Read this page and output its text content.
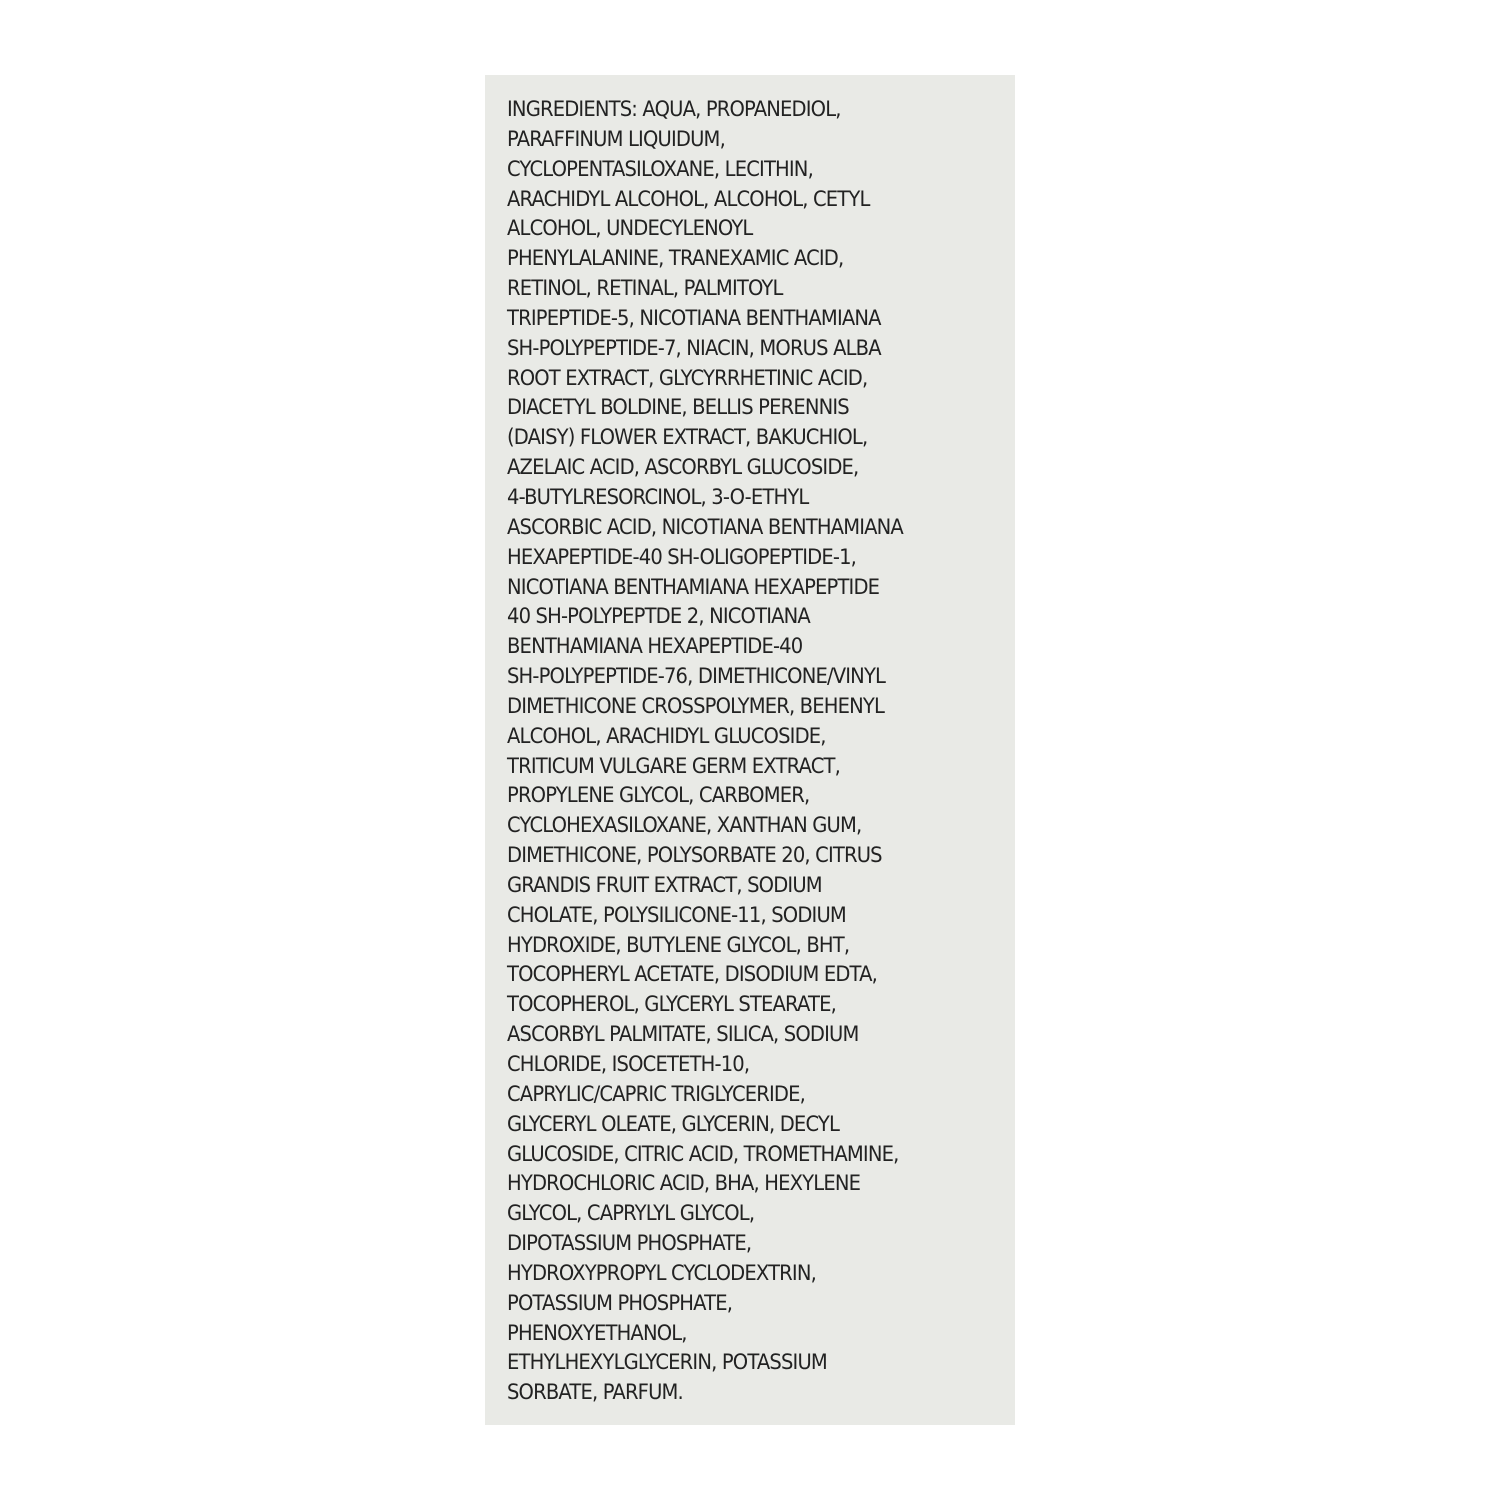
INGREDIENTS: AQUA, PROPANEDIOL,
PARAFFINUM LIQUIDUM,
CYCLOPENTASILOXANE, LECITHIN,
ARACHIDYL ALCOHOL, ALCOHOL, CETYL
ALCOHOL, UNDECYLENOYL
PHENYLALANINE, TRANEXAMIC ACID,
RETINOL, RETINAL, PALMITOYL
TRIPEPTIDE-5, NICOTIANA BENTHAMIANA
SH-POLYPEPTIDE-7, NIACIN, MORUS ALBA
ROOT EXTRACT, GLYCYRRHETINIC ACID,
DIACETYL BOLDINE, BELLIS PERENNIS
(DAISY) FLOWER EXTRACT, BAKUCHIOL,
AZELAIC ACID, ASCORBYL GLUCOSIDE,
4-BUTYLRESORCINOL, 3-O-ETHYL
ASCORBIC ACID, NICOTIANA BENTHAMIANA
HEXAPEPTIDE-40 SH-OLIGOPEPTIDE-1,
NICOTIANA BENTHAMIANA HEXAPEPTIDE
40 SH-POLYPEPTDE 2, NICOTIANA
BENTHAMIANA HEXAPEPTIDE-40
SH-POLYPEPTIDE-76, DIMETHICONE/VINYL
DIMETHICONE CROSSPOLYMER, BEHENYL
ALCOHOL, ARACHIDYL GLUCOSIDE,
TRITICUM VULGARE GERM EXTRACT,
PROPYLENE GLYCOL, CARBOMER,
CYCLOHEXASILOXANE, XANTHAN GUM,
DIMETHICONE, POLYSORBATE 20, CITRUS
GRANDIS FRUIT EXTRACT, SODIUM
CHOLATE, POLYSILICONE-11, SODIUM
HYDROXIDE, BUTYLENE GLYCOL, BHT,
TOCOPHERYL ACETATE, DISODIUM EDTA,
TOCOPHEROL, GLYCERYL STEARATE,
ASCORBYL PALMITATE, SILICA, SODIUM
CHLORIDE, ISOCETETH-10,
CAPRYLIC/CAPRIC TRIGLYCERIDE,
GLYCERYL OLEATE, GLYCERIN, DECYL
GLUCOSIDE, CITRIC ACID, TROMETHAMINE,
HYDROCHLORIC ACID, BHA, HEXYLENE
GLYCOL, CAPRYLYL GLYCOL,
DIPOTASSIUM PHOSPHATE,
HYDROXYPROPYL CYCLODEXTRIN,
POTASSIUM PHOSPHATE,
PHENOXYETHANOL,
ETHYLHEXYLGLYCERIN, POTASSIUM
SORBATE, PARFUM.
